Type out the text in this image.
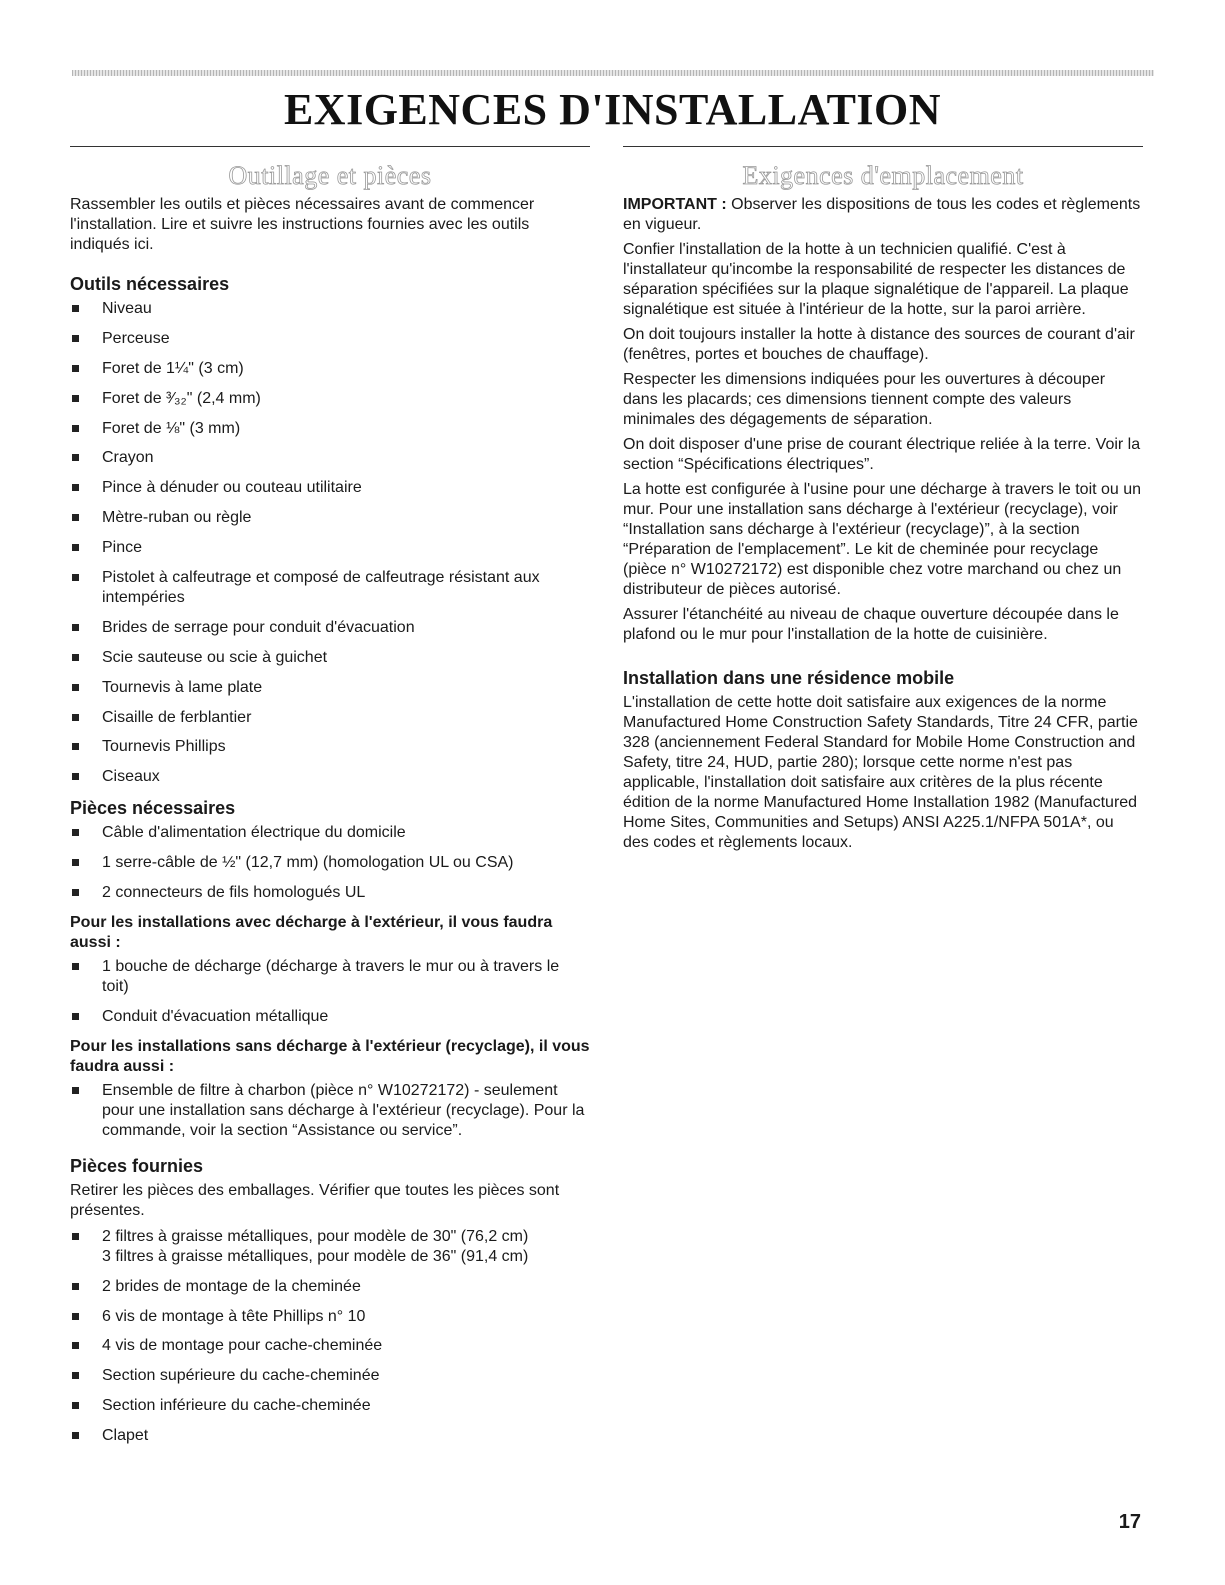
EXIGENCES D'INSTALLATION
Outillage et pièces

Rassembler les outils et pièces nécessaires avant de commencer l'installation. Lire et suivre les instructions fournies avec les outils indiqués ici.

Outils nécessaires
Niveau
Perceuse
Foret de 1¼" (3 cm)
Foret de ³⁄₃₂" (2,4 mm)
Foret de ⅛" (3 mm)
Crayon
Pince à dénuder ou couteau utilitaire
Mètre-ruban ou règle
Pince
Pistolet à calfeutrage et composé de calfeutrage résistant aux intempéries
Brides de serrage pour conduit d'évacuation
Scie sauteuse ou scie à guichet
Tournevis à lame plate
Cisaille de ferblantier
Tournevis Phillips
Ciseaux
Pièces nécessaires
Câble d'alimentation électrique du domicile
1 serre-câble de ½" (12,7 mm) (homologation UL ou CSA)
2 connecteurs de fils homologués UL
Pour les installations avec décharge à l'extérieur, il vous faudra aussi :
1 bouche de décharge (décharge à travers le mur ou à travers le toit)
Conduit d'évacuation métallique
Pour les installations sans décharge à l'extérieur (recyclage), il vous faudra aussi :
Ensemble de filtre à charbon (pièce n° W10272172) - seulement pour une installation sans décharge à l'extérieur (recyclage). Pour la commande, voir la section “Assistance ou service”.
Pièces fournies

Retirer les pièces des emballages. Vérifier que toutes les pièces sont présentes.

2 filtres à graisse métalliques, pour modèle de 30" (76,2 cm)
3 filtres à graisse métalliques, pour modèle de 36" (91,4 cm)
2 brides de montage de la cheminée
6 vis de montage à tête Phillips n° 10
4 vis de montage pour cache-cheminée
Section supérieure du cache-cheminée
Section inférieure du cache-cheminée
Clapet
Exigences d'emplacement

IMPORTANT : Observer les dispositions de tous les codes et règlements en vigueur.

Confier l'installation de la hotte à un technicien qualifié. C'est à l'installateur qu'incombe la responsabilité de respecter les distances de séparation spécifiées sur la plaque signalétique de l'appareil. La plaque signalétique est située à l'intérieur de la hotte, sur la paroi arrière.

On doit toujours installer la hotte à distance des sources de courant d'air (fenêtres, portes et bouches de chauffage).

Respecter les dimensions indiquées pour les ouvertures à découper dans les placards; ces dimensions tiennent compte des valeurs minimales des dégagements de séparation.

On doit disposer d'une prise de courant électrique reliée à la terre. Voir la section “Spécifications électriques”.

La hotte est configurée à l'usine pour une décharge à travers le toit ou un mur. Pour une installation sans décharge à l'extérieur (recyclage), voir “Installation sans décharge à l'extérieur (recyclage)”, à la section “Préparation de l'emplacement”. Le kit de cheminée pour recyclage (pièce n° W10272172) est disponible chez votre marchand ou chez un distributeur de pièces autorisé.

Assurer l'étanchéité au niveau de chaque ouverture découpée dans le plafond ou le mur pour l'installation de la hotte de cuisinière.

Installation dans une résidence mobile

L'installation de cette hotte doit satisfaire aux exigences de la norme Manufactured Home Construction Safety Standards, Titre 24 CFR, partie 328 (anciennement Federal Standard for Mobile Home Construction and Safety, titre 24, HUD, partie 280); lorsque cette norme n'est pas applicable, l'installation doit satisfaire aux critères de la plus récente édition de la norme Manufactured Home Installation 1982 (Manufactured Home Sites, Communities and Setups) ANSI A225.1/NFPA 501A*, ou des codes et règlements locaux.

17
